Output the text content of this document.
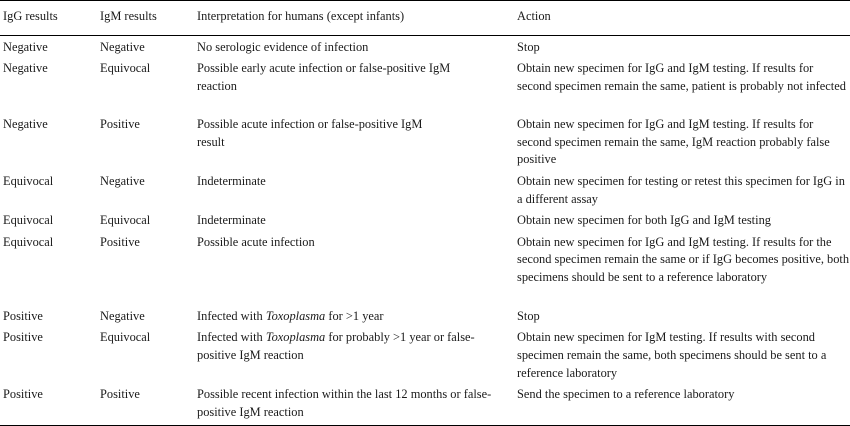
IgG results	IgM results	Interpretation for humans (except infants)	Action
Negative	Negative	No serologic evidence of infection	Stop
Negative	Equivocal	Possible early acute infection or false-positive IgM reaction	Obtain new specimen for IgG and IgM testing. If results for second specimen remain the same, patient is probably not infected
Negative	Positive	Possible acute infection or false-positive IgM result	Obtain new specimen for IgG and IgM testing. If results for second specimen remain the same, IgM reaction probably false positive
Equivocal	Negative	Indeterminate	Obtain new specimen for testing or retest this specimen for IgG in a different assay
Equivocal	Equivocal	Indeterminate	Obtain new specimen for both IgG and IgM testing
Equivocal	Positive	Possible acute infection	Obtain new specimen for IgG and IgM testing. If results for the second specimen remain the same or if IgG becomes positive, both specimens should be sent to a reference laboratory
Positive	Negative	Infected with Toxoplasma for >1 year	Stop
Positive	Equivocal	Infected with Toxoplasma for probably >1 year or false-positive IgM reaction	Obtain new specimen for IgM testing. If results with second specimen remain the same, both specimens should be sent to a reference laboratory
Positive	Positive	Possible recent infection within the last 12 months or false-positive IgM reaction	Send the specimen to a reference laboratory
